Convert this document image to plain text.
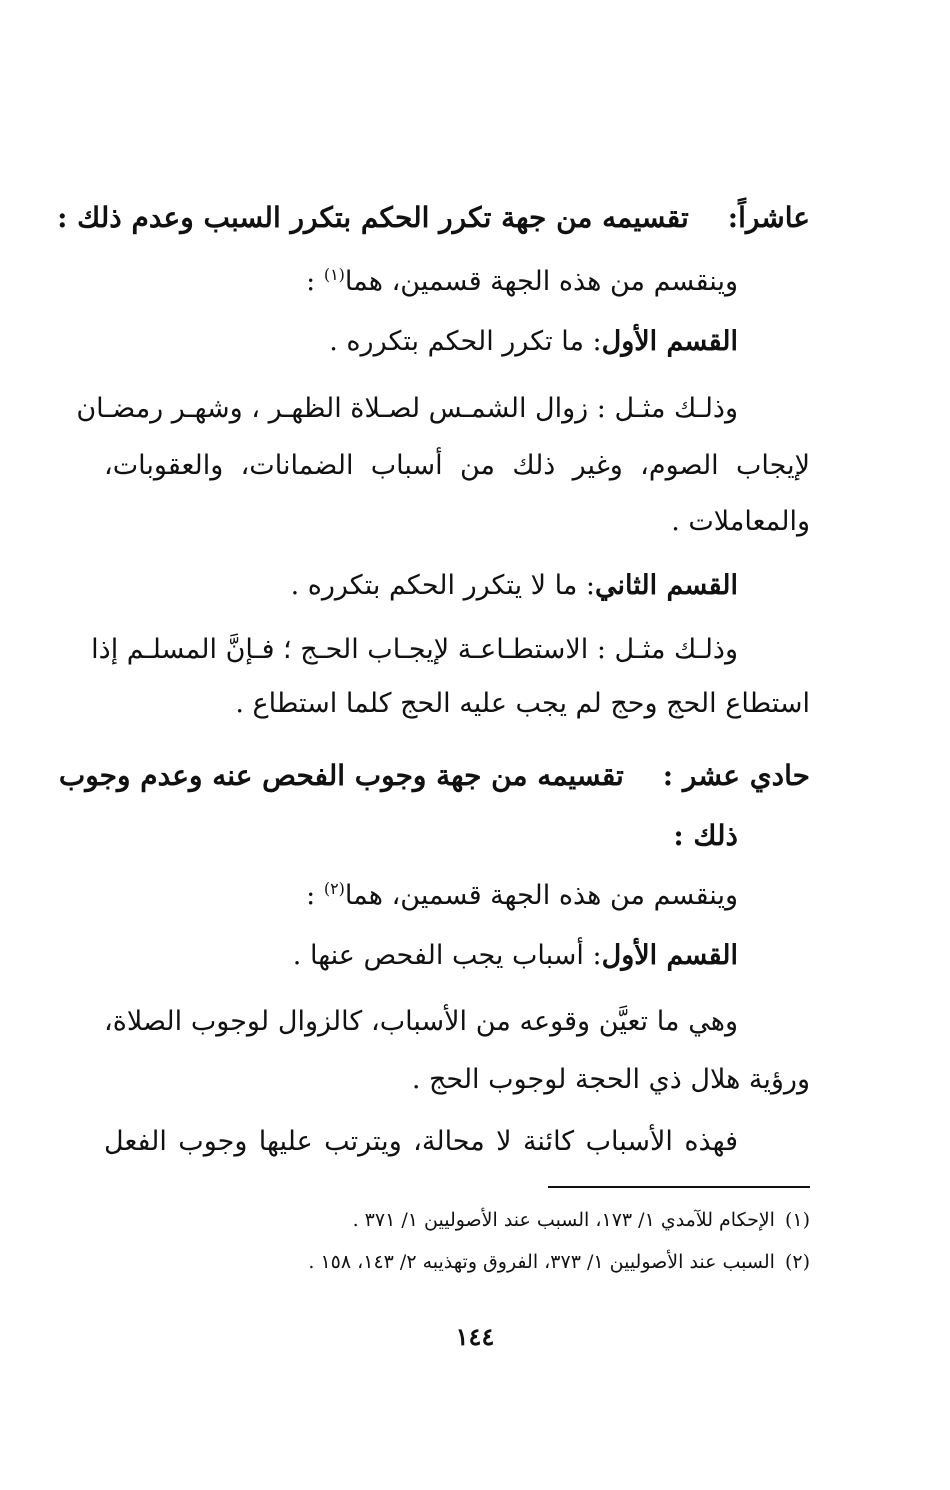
عاشراً:    تقسيمه من جهة تكرر الحكم بتكرر السبب وعدم ذلك :
وينقسم من هذه الجهة قسمين، هما$^{(١)}$ :
القسم الأول: ما تكرر الحكم بتكرره .
وذلـك مثـل : زوال الشمـس لصـلاة الظهـر ، وشهـر رمضـان
لإيجاب الصوم، وغير ذلك من أسباب الضمانات، والعقوبات،
والمعاملات .
القسم الثاني: ما لا يتكرر الحكم بتكرره .
وذلـك مثـل : الاستطـاعـة لإيجـاب الحـج ؛ فـإنَّ المسلـم إذا
استطاع الحج وحج لم يجب عليه الحج كلما استطاع .
حادي عشر :    تقسيمه من جهة وجوب الفحص عنه وعدم وجوب
ذلك :
وينقسم من هذه الجهة قسمين، هما$^{(٢)}$ :
القسم الأول: أسباب يجب الفحص عنها .
وهي ما تعيَّن وقوعه من الأسباب، كالزوال لوجوب الصلاة،
ورؤية هلال ذي الحجة لوجوب الحج .
فهذه الأسباب كائنة لا محالة، ويترتب عليها وجوب الفعل
(١)الإحكام للآمدي ١/ ١٧٣، السبب عند الأصوليين ١/ ٣٧١ .
(٢)السبب عند الأصوليين ١/ ٣٧٣، الفروق وتهذيبه ٢/ ١٤٣، ١٥٨ .
١٤٤
